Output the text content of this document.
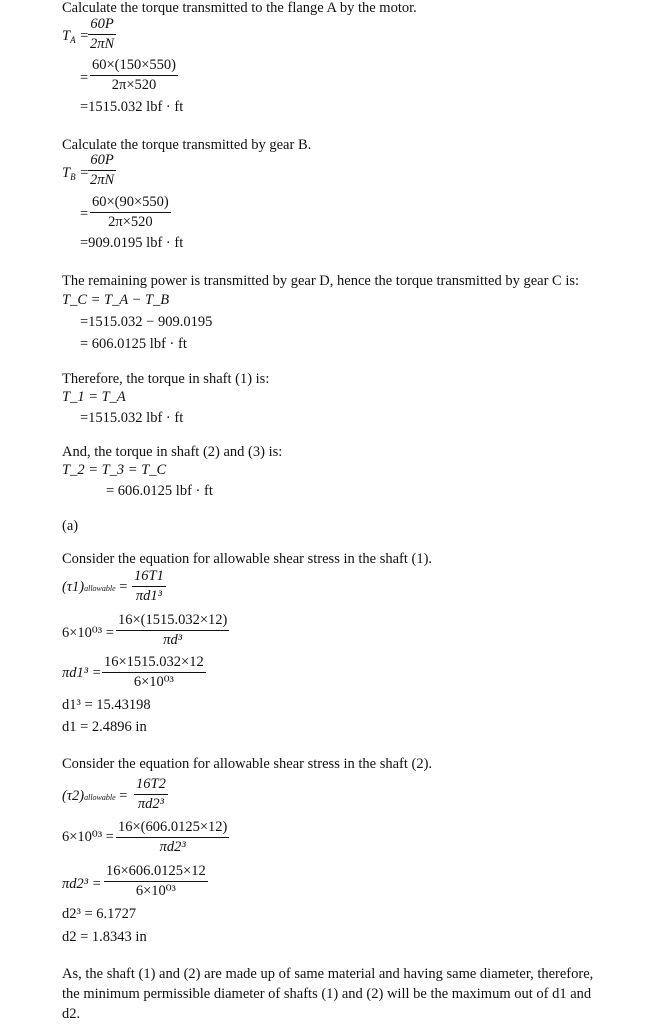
Calculate the torque transmitted to the flange A by the motor.
$T_A = \frac{60P}{2\pi N}$
= $\frac{60\times(150\times 550)}{2\pi\times 520}$
=1515.032 lbf · ft
Calculate the torque transmitted by gear B.
$T_B = \frac{60P}{2\pi N}$
= $\frac{60\times(90\times 550)}{2\pi\times 520}$
=909.0195 lbf · ft
The remaining power is transmitted by gear D, hence the torque transmitted by gear C is:
T_C = T_A − T_B
=1515.032 − 909.0195
= 606.0125 lbf · ft
Therefore, the torque in shaft (1) is:
T_1 = T_A
=1515.032 lbf · ft
And, the torque in shaft (2) and (3) is:
T_2 = T_3 = T_C
= 606.0125 lbf · ft
(a)
Consider the equation for allowable shear stress in the shaft (1).
(τ1)allowable = $\frac{16T1}{\text{πd1³}}$
$6\times 10^{03} = \frac{16\times(1515.032\times 12)}{\text{πd³}}$
$\pi d1^3 = \frac{16\times 1515.032\times 12}{\text{6×10⁰³}}$
d1³ = 15.43198
d1 = 2.4896 in
Consider the equation for allowable shear stress in the shaft (2).
(τ2)allowable = $\frac{16T2}{\text{πd2³}}$
$6\times 10^{03} = \frac{16\times(606.0125\times 12)}{\text{πd2³}}$
$\pi d2^3 = \frac{16\times 606.0125\times 12}{\text{6×10⁰³}}$
d2³ = 6.1727
d2 = 1.8343 in
As, the shaft (1) and (2) are made up of same material and having same diameter, therefore,
the minimum permissible diameter of shafts (1) and (2) will be the maximum out of d1 and
d2.
